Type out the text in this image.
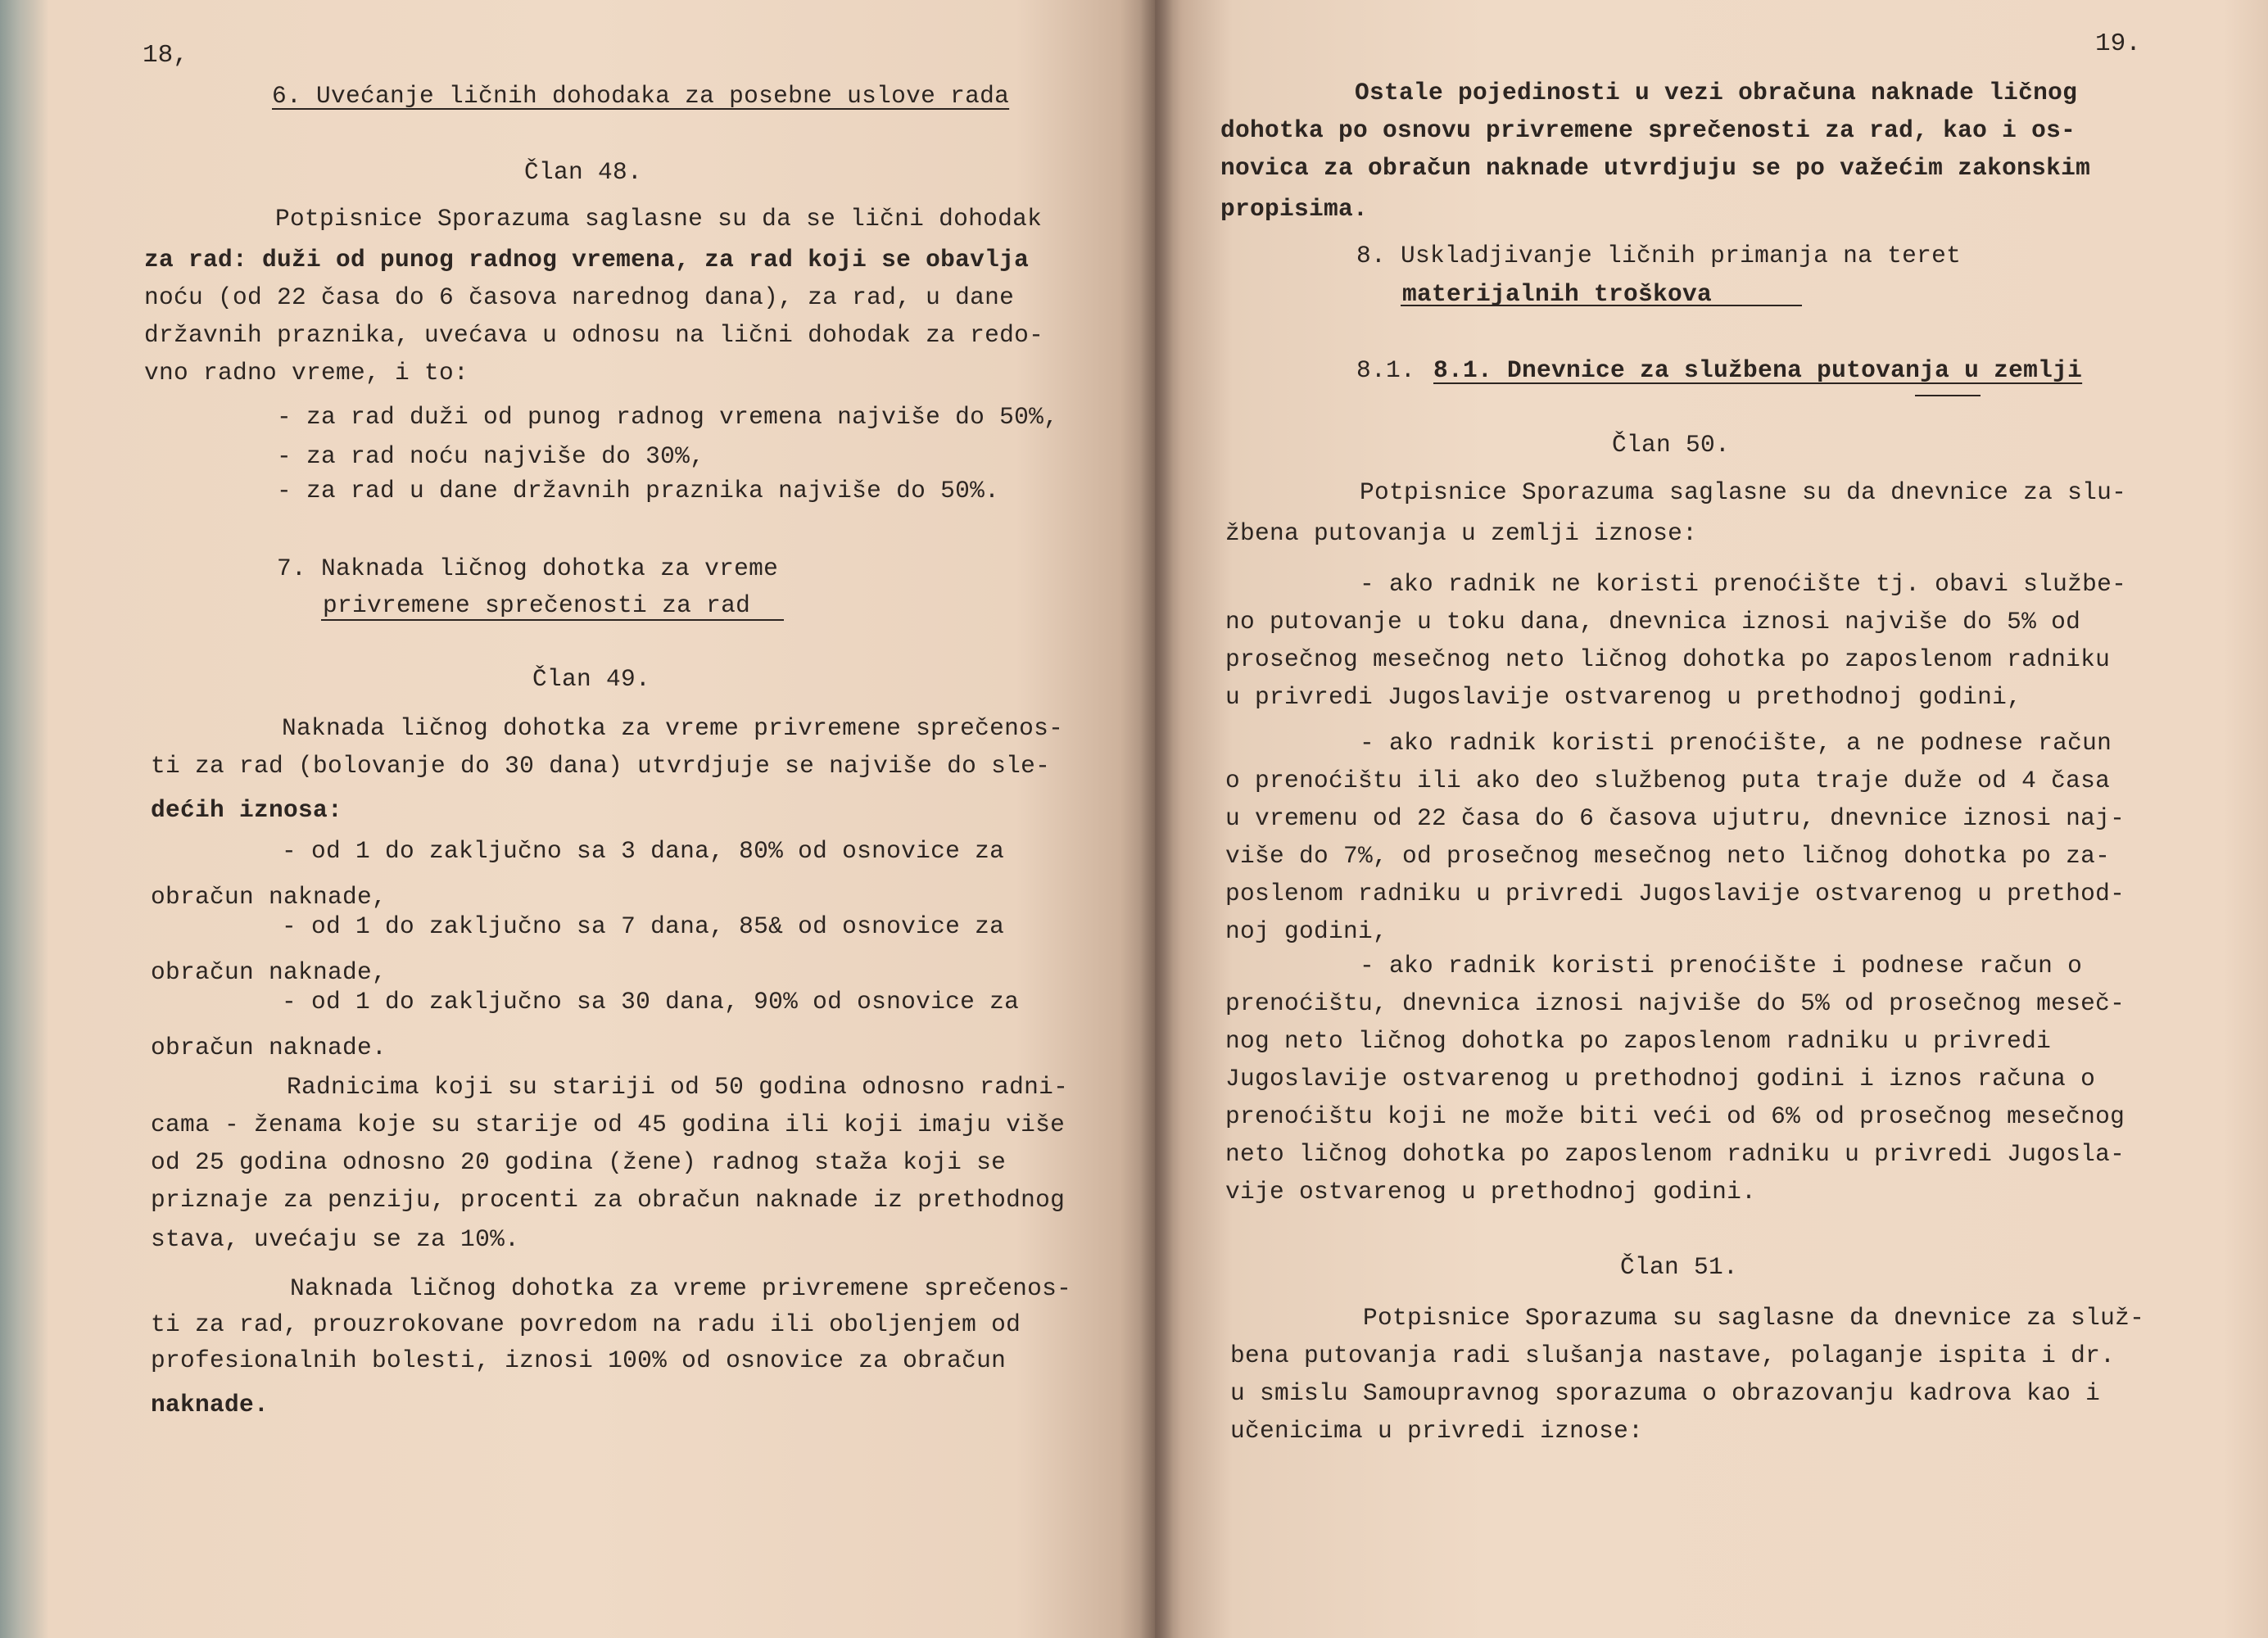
18,
6. Uvećanje ličnih dohodaka za posebne uslove rada
Član 48.
Potpisnice Sporazuma saglasne su da se lični dohodak
za rad: duži od punog radnog vremena, za rad koji se obavlja
noću (od 22 časa do 6 časova narednog dana), za rad, u dane
državnih praznika, uvećava u odnosu na lični dohodak za redo-
vno radno vreme, i to:
- za rad duži od punog radnog vremena najviše do 50%,
- za rad noću najviše do 30%,
- za rad u dane državnih praznika najviše do 50%.
7. Naknada ličnog dohotka za vreme
privremene sprečenosti za rad
Član 49.
Naknada ličnog dohotka za vreme privremene sprečenos-
ti za rad (bolovanje do 30 dana) utvrdjuje se najviše do sle-
dećih iznosa:
- od 1 do zaključno sa 3 dana, 80% od osnovice za
obračun naknade,
- od 1 do zaključno sa 7 dana, 85& od osnovice za
obračun naknade,
- od 1 do zaključno sa 30 dana, 90% od osnovice za
obračun naknade.
Radnicima koji su stariji od 50 godina odnosno radni-
cama - ženama koje su starije od 45 godina ili koji imaju više
od 25 godina odnosno 20 godina (žene) radnog staža koji se
priznaje za penziju, procenti za obračun naknade iz prethodnog
stava, uvećaju se za 10%.
Naknada ličnog dohotka za vreme privremene sprečenos-
ti za rad, prouzrokovane povredom na radu ili oboljenjem od
profesionalnih bolesti, iznosi 100% od osnovice za obračun
naknade.
19.
Ostale pojedinosti u vezi obračuna naknade ličnog
dohotka po osnovu privremene sprečenosti za rad, kao i os-
novica za obračun naknade utvrdjuju se po važećim zakonskim
propisima.
8. Uskladjivanje ličnih primanja na teret
materijalnih troškova
8.1. 8.1. Dnevnice za službena putovanja u zemlji
Član 50.
Potpisnice Sporazuma saglasne su da dnevnice za slu-
žbena putovanja u zemlji iznose:
- ako radnik ne koristi prenoćište tj. obavi službe-
no putovanje u toku dana, dnevnica iznosi najviše do 5% od
prosečnog mesečnog neto ličnog dohotka po zaposlenom radniku
u privredi Jugoslavije ostvarenog u prethodnoj godini,
- ako radnik koristi prenoćište, a ne podnese račun
o prenoćištu ili ako deo službenog puta traje duže od 4 časa
u vremenu od 22 časa do 6 časova ujutru, dnevnice iznosi naj-
više do 7%, od prosečnog mesečnog neto ličnog dohotka po za-
poslenom radniku u privredi Jugoslavije ostvarenog u prethod-
noj godini,
- ako radnik koristi prenoćište i podnese račun o
prenoćištu, dnevnica iznosi najviše do 5% od prosečnog meseč-
nog neto ličnog dohotka po zaposlenom radniku u privredi
Jugoslavije ostvarenog u prethodnoj godini i iznos računa o
prenoćištu koji ne može biti veći od 6% od prosečnog mesečnog
neto ličnog dohotka po zaposlenom radniku u privredi Jugosla-
vije ostvarenog u prethodnoj godini.
Član 51.
Potpisnice Sporazuma su saglasne da dnevnice za služ-
bena putovanja radi slušanja nastave, polaganje ispita i dr.
u smislu Samoupravnog sporazuma o obrazovanju kadrova kao i
učenicima u privredi iznose:
